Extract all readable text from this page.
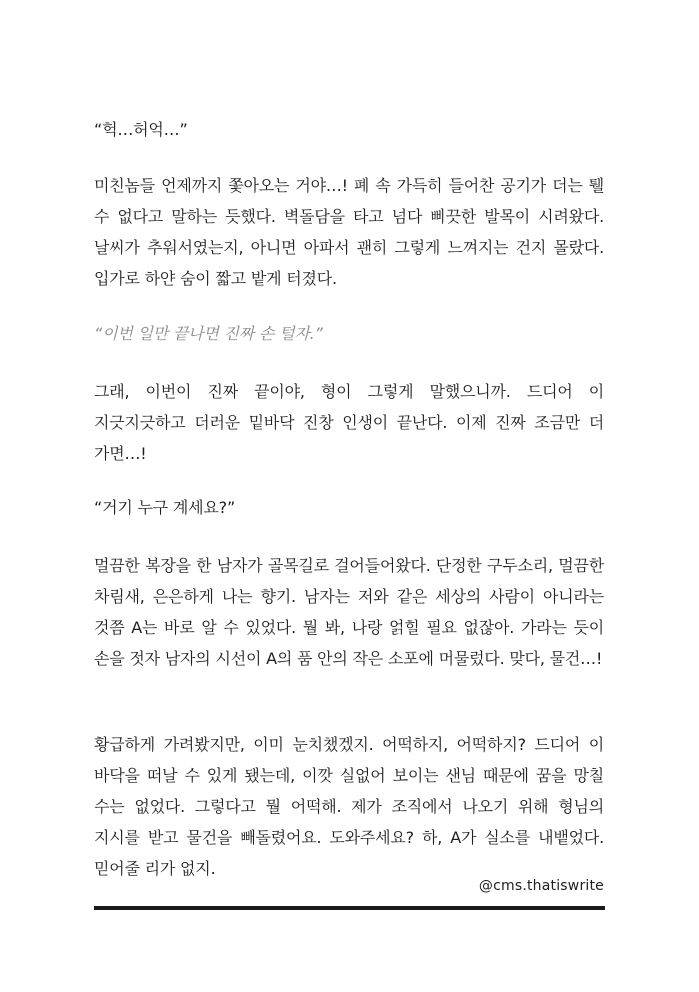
“헉…허억…”

미친놈들 언제까지 쫓아오는 거야…! 폐 속 가득히 들어찬 공기가 더는 퉬 수 없다고 말하는 듯했다. 벽돌담을 타고 넘다 삐끗한 발목이 시려왔다. 날씨가 추워서였는지, 아니면 아파서 괜히 그렇게 느껴지는 건지 몰랐다. 입가로 하얀 숨이 짧고 밭게 터졌다.

“이번 일만 끝나면 진짜 손 털자.”

그래, 이번이 진짜 끝이야, 형이 그렇게 말했으니까. 드디어 이 지긋지긋하고 더러운 밑바닥 진창 인생이 끝난다. 이제 진짜 조금만 더 가면…!

“거기 누구 계세요?”

멀끔한 복장을 한 남자가 골목길로 걸어들어왔다. 단정한 구두소리, 멀끔한 차림새, 은은하게 나는 향기. 남자는 저와 같은 세상의 사람이 아니라는 것쯤 A는 바로 알 수 있었다. 뭘 봐, 나랑 얽힐 필요 없잖아. 가라는 듯이 손을 젓자 남자의 시선이 A의 품 안의 작은 소포에 머물렀다. 맞다, 물건…!

황급하게 가려봤지만, 이미 눈치챘겠지. 어떡하지, 어떡하지? 드디어 이 바닥을 떠날 수 있게 됐는데, 이깟 실없어 보이는 샌님 때문에 꿈을 망칠 수는 없었다. 그렇다고 뭘 어떡해. 제가 조직에서 나오기 위해 형님의 지시를 받고 물건을 빼돌렸어요. 도와주세요? 하, A가 실소를 내뱉었다. 믿어줄 리가 없지.

@cms.thatiswrite
